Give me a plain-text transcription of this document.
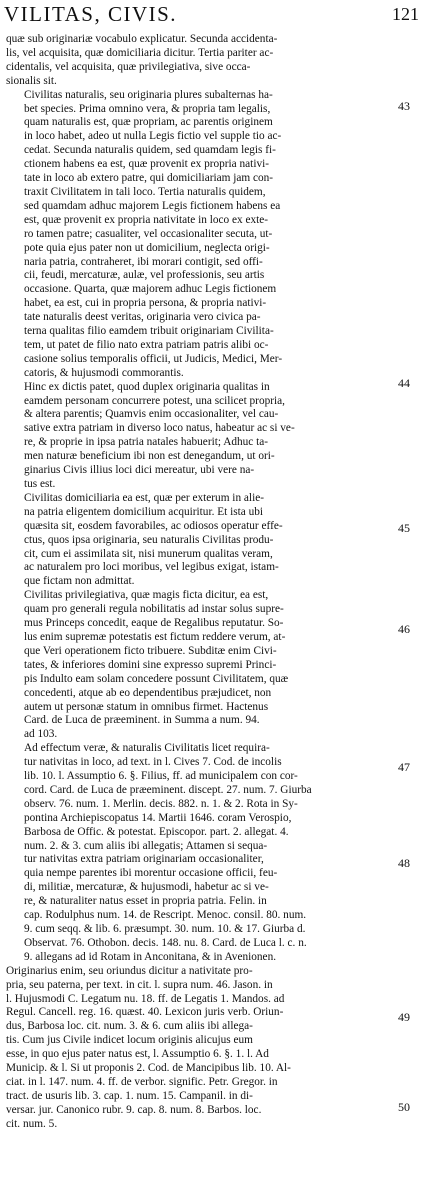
VILITAS, CIVIS.	121

quæ sub originariæ vocabulo explicatur. Secunda accidenta-
lis, vel acquisita, quæ domiciliaria dicitur. Tertia pariter ac-
cidentalis, vel acquisita, quæ privilegiativa, sive occa-
sionalis sit.

Civilitas naturalis, seu originaria plures subalternas ha-
bet species. Prima omnino vera, & propria tam legalis,
quam naturalis est, quæ propriam, ac parentis originem
in loco habet, adeo ut nulla Legis fictio vel supple tio ac-
cedat. Secunda naturalis quidem, sed quamdam legis fi-
ctionem habens ea est, quæ provenit ex propria nativi-
tate in loco ab extero patre, qui domiciliariam jam con-
traxit Civilitatem in tali loco. Tertia naturalis quidem,
sed quamdam adhuc majorem Legis fictionem habens ea
est, quæ provenit ex propria nativitate in loco ex exte-
ro tamen patre; casualiter, vel occasionaliter secuta, ut-
pote quia ejus pater non ut domicilium, neglecta origi-
naria patria, contraheret, ibi morari contigit, sed offi-
cii, feudi, mercaturæ, aulæ, vel professionis, seu artis
occasione. Quarta, quæ majorem adhuc Legis fictionem
habet, ea est, cui in propria persona, & propria nativi-
tate naturalis deest veritas, originaria vero civica pa-
terna qualitas filio eamdem tribuit originariam Civilita-
tem, ut patet de filio nato extra patriam patris alibi oc-
casione solius temporalis officii, ut Judicis, Medici, Mer-
catoris, & hujusmodi commorantis.

Hinc ex dictis patet, quod duplex originaria qualitas in
eamdem personam concurrere potest, una scilicet propria,
& altera parentis; Quamvis enim occasionaliter, vel cau-
sative extra patriam in diverso loco natus, habeatur ac si ve-
re, & proprie in ipsa patria natales habuerit; Adhuc ta-
men naturæ beneficium ibi non est denegandum, ut ori-
ginarius Civis illius loci dici mereatur, ubi vere na-
tus est.

Civilitas domiciliaria ea est, quæ per exterum in alie-
na patria eligentem domicilium acquiritur. Et ista ubi
quæsita sit, eosdem favorabiles, ac odiosos operatur effe-
ctus, quos ipsa originaria, seu naturalis Civilitas produ-
cit, cum ei assimilata sit, nisi munerum qualitas veram,
ac naturalem pro loci moribus, vel legibus exigat, istam-
que fictam non admittat.

Civilitas privilegiativa, quæ magis ficta dicitur, ea est,
quam pro generali regula nobilitatis ad instar solus supre-
mus Princeps concedit, eaque de Regalibus reputatur. So-
lus enim supremæ potestatis est fictum reddere verum, at-
que Veri operationem ficto tribuere. Subditæ enim Civi-
tates, & inferiores domini sine expresso supremi Princi-
pis Indulto eam solam concedere possunt Civilitatem, quæ
concedenti, atque ab eo dependentibus præjudicet, non
autem ut personæ statum in omnibus firmet. Hactenus
Card. de Luca de præeminent. in Summa a num. 94.
ad 103.

Ad effectum veræ, & naturalis Civilitatis licet requira-
tur nativitas in loco, ad text. in l. Cives 7. Cod. de incolis
lib. 10. l. Assumptio 6. §. Filius, ff. ad municipalem con cor-
cord. Card. de Luca de præeminent. discept. 27. num. 7. Giurba
observ. 76. num. 1. Merlin. decis. 882. n. 1. & 2. Rota in Sy-
pontina Archiepiscopatus 14. Martii 1646. coram Verospio,
Barbosa de Offic. & potestat. Episcopor. part. 2. allegat. 4.
num. 2. & 3. cum aliis ibi allegatis; Attamen si sequa-
tur nativitas extra patriam originariam occasionaliter,
quia nempe parentes ibi morentur occasione officii, feu-
di, militiæ, mercaturæ, & hujusmodi, habetur ac si ve-
re, & naturaliter natus esset in propria patria. Felin. in
cap. Rodulphus num. 14. de Rescript. Menoc. consil. 80. num.
9. cum seqq. & lib. 6. præsumpt. 30. num. 10. & 17. Giurba d.
Observat. 76. Othobon. decis. 148. nu. 8. Card. de Luca l. c. n.
9. allegans ad id Rotam in Anconitana, & in Avenionen.

Originarius enim, seu oriundus dicitur a nativitate pro-
pria, seu paterna, per text. in cit. l. supra num. 46. Jason. in
l. Hujusmodi C. Legatum nu. 18. ff. de Legatis 1. Mandos. ad
Regul. Cancell. reg. 16. quæst. 40. Lexicon juris verb. Oriun-
dus, Barbosa loc. cit. num. 3. & 6. cum aliis ibi allega-
tis. Cum jus Civile indicet locum originis alicujus eum
esse, in quo ejus pater natus est, l. Assumptio 6. §. 1. l. Ad
Municip. & l. Si ut proponis 2. Cod. de Mancipibus lib. 10. Al-
ciat. in l. 147. num. 4. ff. de verbor. signific. Petr. Gregor. in
tract. de usuris lib. 3. cap. 1. num. 15. Campanil. in di-
versar. jur. Canonico rubr. 9. cap. 8. num. 8. Barbos. loc.
cit. num. 5.

43
44
45
46
47
48
49
50
